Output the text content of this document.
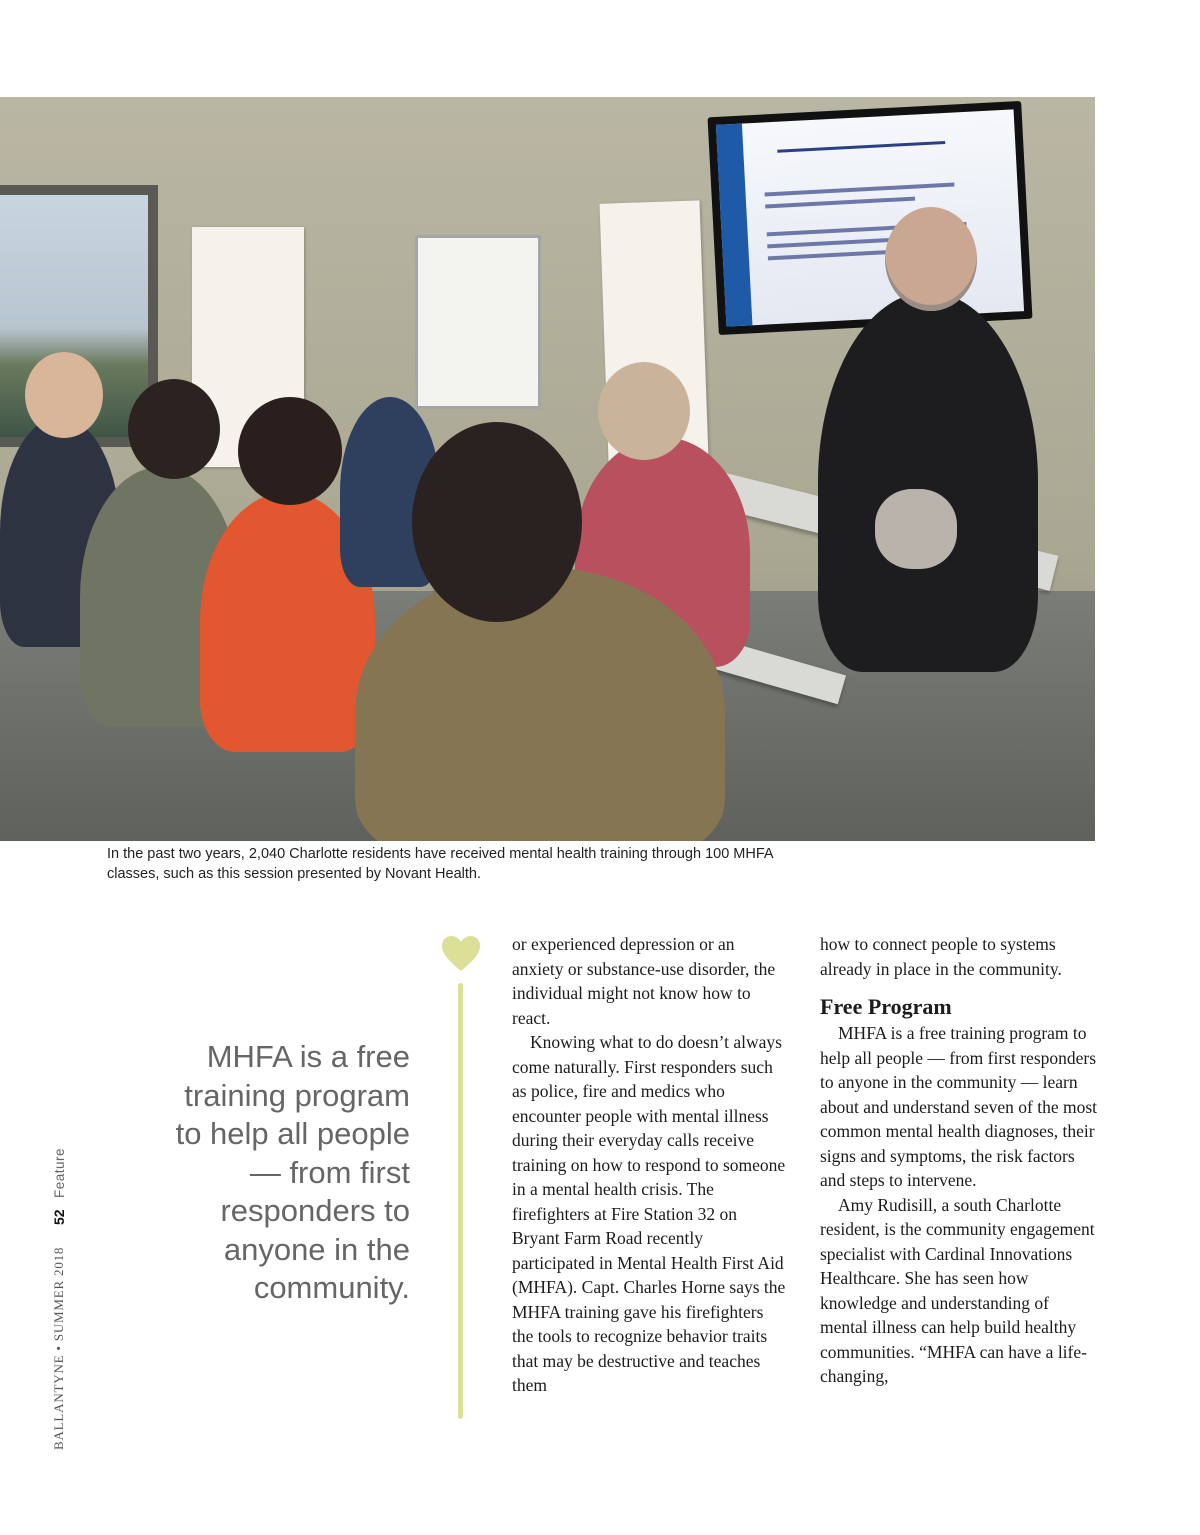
In the past two years, 2,040 Charlotte residents have received mental health training through 100 MHFA classes, such as this session presented by Novant Health.
Feature
52
BALLANTYNE • SUMMER 2018
MHFA is a free training program to help all people — from first responders to anyone in the community.

or experienced depression or an anxiety or substance-use disorder, the individual might not know how to react.

Knowing what to do doesn’t always come naturally. First responders such as police, fire and medics who encounter people with mental illness during their everyday calls receive training on how to respond to someone in a mental health crisis. The firefighters at Fire Station 32 on Bryant Farm Road recently participated in Mental Health First Aid (MHFA). Capt. Charles Horne says the MHFA training gave his firefighters the tools to recognize behavior traits that may be destructive and teaches them

how to connect people to systems already in place in the community.

Free Program

MHFA is a free training program to help all people — from first responders to anyone in the community — learn about and understand seven of the most common mental health diagnoses, their signs and symptoms, the risk factors and steps to intervene.

Amy Rudisill, a south Charlotte resident, is the community engagement specialist with Cardinal Innovations Healthcare. She has seen how knowledge and understanding of mental illness can help build healthy communities. “MHFA can have a life-changing,
